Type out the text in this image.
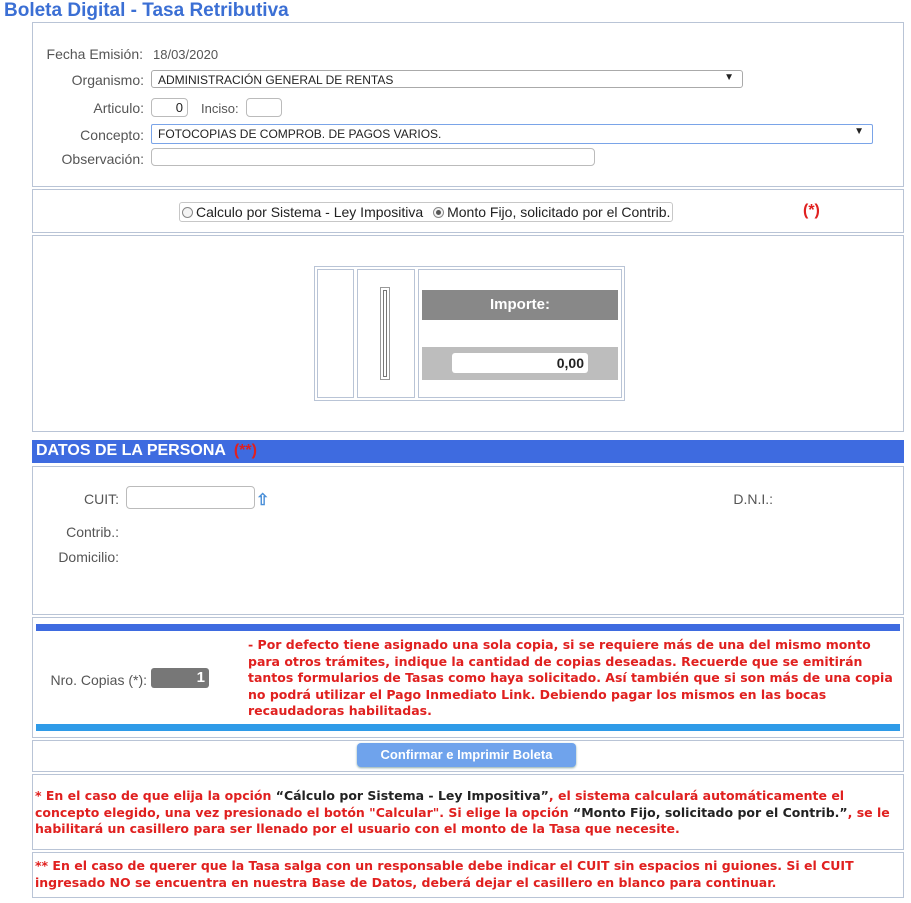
Boleta Digital - Tasa Retributiva
Fecha Emisión: 18/03/2020
Organismo:	ADMINISTRACIÓN GENERAL DE RENTAS	▼
Articulo:	0	Inciso:
Concepto:	FOTOCOPIAS DE COMPROB. DE PAGOS VARIOS.	▼
Observación:
Calculo por Sistema - Ley Impositiva Monto Fijo, solicitado por el Contrib.	(*)
Importe:
0,00
DATOS DE LA PERSONA (**)
CUIT:	⇧	D.N.I.:
Contrib.:
Domicilio:
Nro. Copias (*):	1
- Por defecto tiene asignado una sola copia, si se requiere más de una del mismo monto para otros trámites, indique la cantidad de copias deseadas. Recuerde que se emitirán tantos formularios de Tasas como haya solicitado. Así también que si son más de una copia no podrá utilizar el Pago Inmediato Link. Debiendo pagar los mismos en las bocas recaudadoras habilitadas.
Confirmar e Imprimir Boleta
* En el caso de que elija la opción “Cálculo por Sistema - Ley Impositiva”, el sistema calculará automáticamente el concepto elegido, una vez presionado el botón "Calcular". Si elige la opción “Monto Fijo, solicitado por el Contrib.”, se le habilitará un casillero para ser llenado por el usuario con el monto de la Tasa que necesite.
** En el caso de querer que la Tasa salga con un responsable debe indicar el CUIT sin espacios ni guiones. Si el CUIT ingresado NO se encuentra en nuestra Base de Datos, deberá dejar el casillero en blanco para continuar.
